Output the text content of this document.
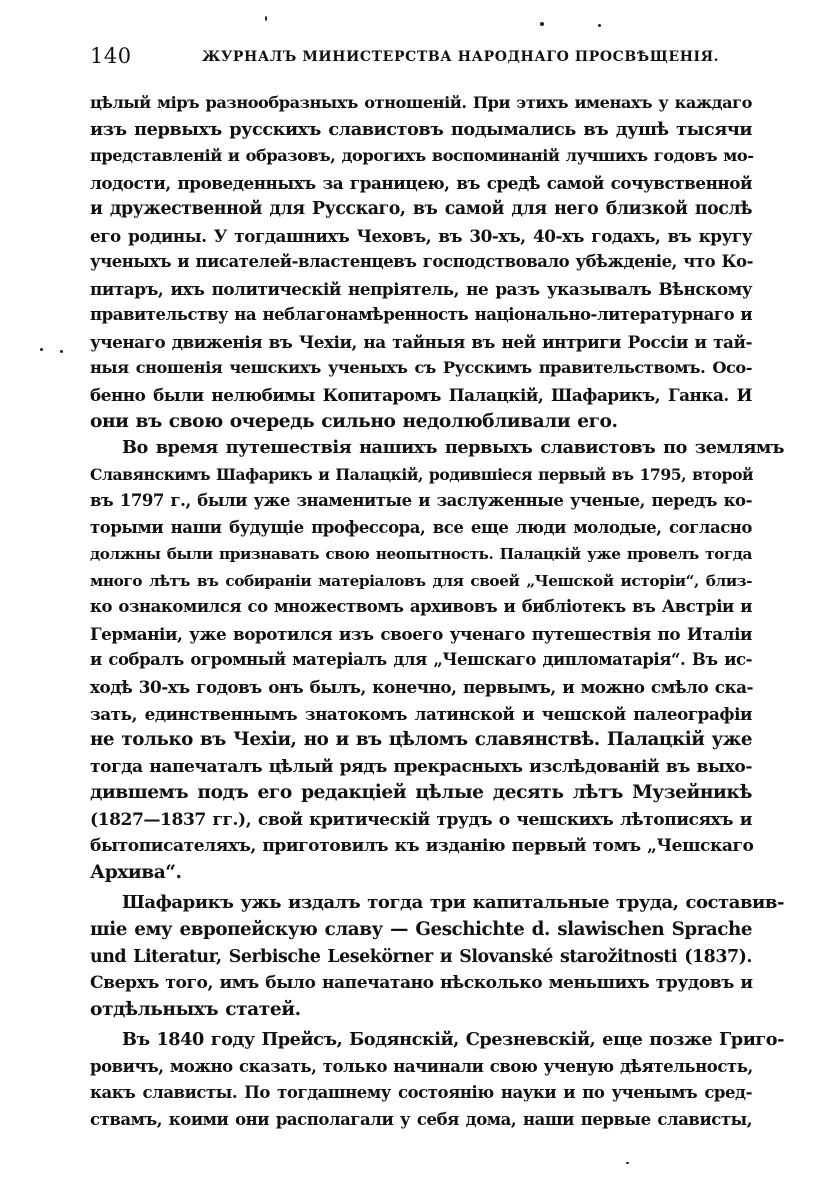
140	ЖУРНАЛЪ МИНИСТЕРСТВА НАРОДНАГО ПРОСВѢЩЕНІЯ.
цѣлый міръ разнообразныхъ отношеній. При этихъ именахъ у каждаго
изъ первыхъ русскихъ славистовъ подымались въ душѣ тысячи
представленій и образовъ, дорогихъ воспоминаній лучшихъ годовъ мо-
лодости, проведенныхъ за границею, въ средѣ самой сочувственной
и дружественной для Русскаго, въ самой для него близкой послѣ
его родины. У тогдашнихъ Чеховъ, въ 30-хъ, 40-хъ годахъ, въ кругу
ученыхъ и писателей-властенцевъ господствовало убѣжденіе, что Ко-
питаръ, ихъ политическій непріятель, не разъ указывалъ Вѣнскому
правительству на неблагонамѣренность національно-литературнаго и
ученаго движенія въ Чехіи, на тайныя въ ней интриги Россіи и тай-
ныя сношенія чешскихъ ученыхъ съ Русскимъ правительствомъ. Осо-
бенно были нелюбимы Копитаромъ Палацкій, Шафарикъ, Ганка. И
они въ свою очередь сильно недолюбливали его.
Во время путешествія нашихъ первыхъ славистовъ по землямъ
Славянскимъ Шафарикъ и Палацкій, родившіеся первый въ 1795, второй
въ 1797 г., были уже знаменитые и заслуженные ученые, передъ ко-
торыми наши будущіе профессора, все еще люди молодые, согласно
должны были признавать свою неопытность. Палацкій уже провелъ тогда
много лѣтъ въ собираніи матеріаловъ для своей „Чешской исторіи“, близ-
ко ознакомился со множествомъ архивовъ и библіотекъ въ Австріи и
Германіи, уже воротился изъ своего ученаго путешествія по Италіи
и собралъ огромный матеріалъ для „Чешскаго дипломатарія“. Въ ис-
ходѣ 30-хъ годовъ онъ былъ, конечно, первымъ, и можно смѣло ска-
зать, единственнымъ знатокомъ латинской и чешской палеографіи
не только въ Чехіи, но и въ цѣломъ славянствѣ. Палацкій уже
тогда напечаталъ цѣлый рядъ прекрасныхъ изслѣдованій въ выхо-
дившемъ подъ его редакціей цѣлые десять лѣтъ Музейникѣ
(1827—1837 гг.), свой критическій трудъ о чешскихъ лѣтописяхъ и
бытописателяхъ, приготовилъ къ изданію первый томъ „Чешскаго
Архива“.
Шафарикъ ужь издалъ тогда три капитальные труда, составив-
шіе ему европейскую славу — Geschichte d. slawischen Sprache
und Literatur, Serbische Lesekörner и Slovanské starožitnosti (1837).
Сверхъ того, имъ было напечатано нѣсколько меньшихъ трудовъ и
отдѣльныхъ статей.
Въ 1840 году Прейсъ, Бодянскій, Срезневскій, еще позже Григо-
ровичъ, можно сказать, только начинали свою ученую дѣятельность,
какъ слависты. По тогдашнему состоянію науки и по ученымъ сред-
ствамъ, коими они располагали у себя дома, наши первые слависты,
